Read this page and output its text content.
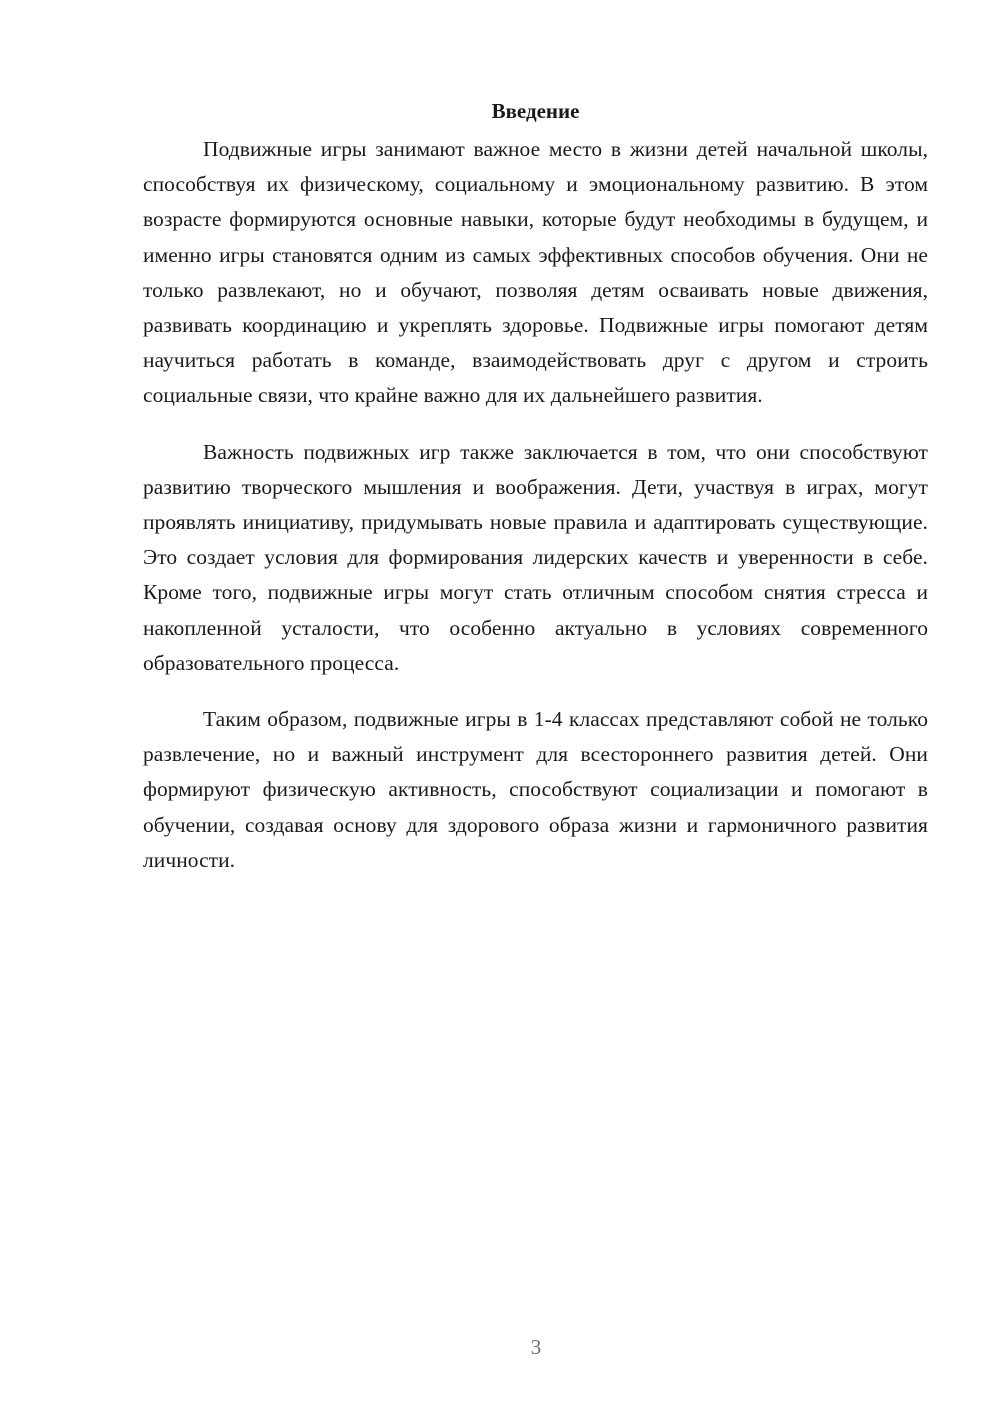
Введение

Подвижные игры занимают важное место в жизни детей начальной школы, способствуя их физическому, социальному и эмоциональному развитию. В этом возрасте формируются основные навыки, которые будут необходимы в будущем, и именно игры становятся одним из самых эффективных способов обучения. Они не только развлекают, но и обучают, позволяя детям осваивать новые движения, развивать координацию и укреплять здоровье. Подвижные игры помогают детям научиться работать в команде, взаимодействовать друг с другом и строить социальные связи, что крайне важно для их дальнейшего развития.

Важность подвижных игр также заключается в том, что они способствуют развитию творческого мышления и воображения. Дети, участвуя в играх, могут проявлять инициативу, придумывать новые правила и адаптировать существующие. Это создает условия для формирования лидерских качеств и уверенности в себе. Кроме того, подвижные игры могут стать отличным способом снятия стресса и накопленной усталости, что особенно актуально в условиях современного образовательного процесса.

Таким образом, подвижные игры в 1-4 классах представляют собой не только развлечение, но и важный инструмент для всестороннего развития детей. Они формируют физическую активность, способствуют социализации и помогают в обучении, создавая основу для здорового образа жизни и гармоничного развития личности.

3
